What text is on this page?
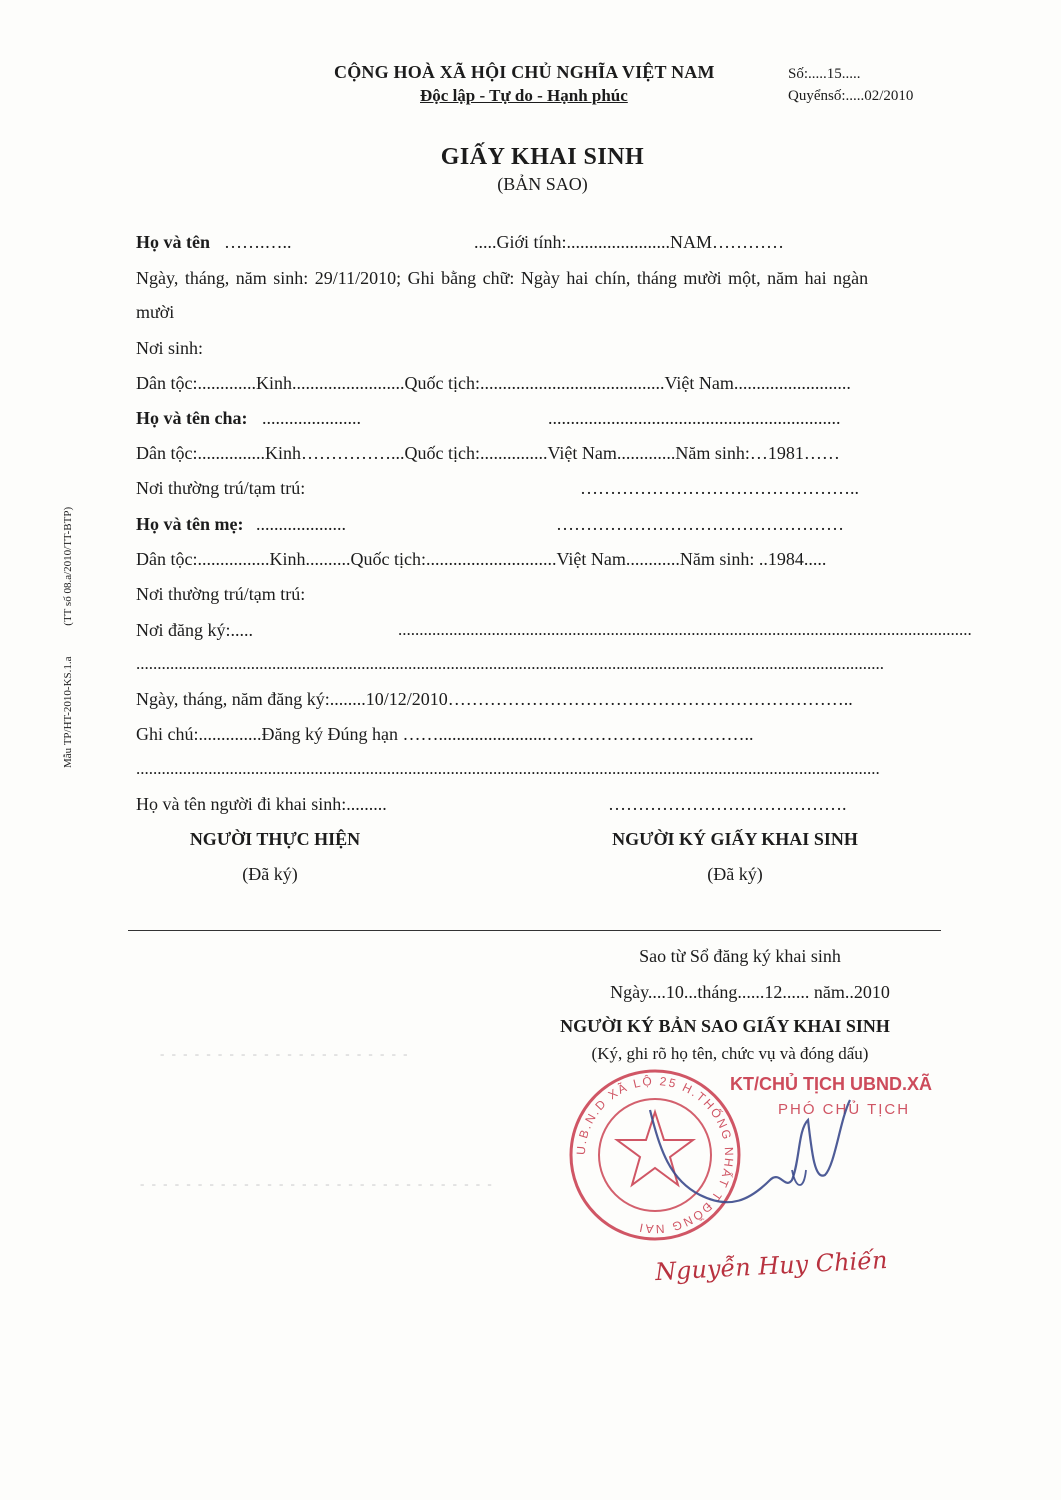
CỘNG HOÀ XÃ HỘI CHỦ NGHĨA VIỆT NAM
Độc lập - Tự do - Hạnh phúc
Số:.....15.....
Quyểnsố:.....02/2010
GIẤY KHAI SINH
(BẢN SAO)
Mẫu TP/HT-2010-KS.1.a (TT số 08.a/2010/TT-BTP)
Họ và tên …….…..	.....Giới tính:.......................NAM…………
Ngày, tháng, năm sinh: 29/11/2010; Ghi bằng chữ: Ngày hai chín, tháng mười một, năm hai ngàn
mười
Nơi sinh:
Dân tộc:.............Kinh.........................Quốc tịch:.........................................Việt Nam..........................
Họ và tên cha: ......................	.................................................................
Dân tộc:...............Kinh……………...Quốc tịch:...............Việt Nam.............Năm sinh:…1981……
Nơi thường trú/tạm trú:	………………………………………..
Họ và tên mẹ: ....................	…………………………………………
Dân tộc:................Kinh..........Quốc tịch:.............................Việt Nam............Năm sinh: ..1984.....
Nơi thường trú/tạm trú:
Nơi đăng ký:.....	.......................................................................................................................................
................................................................................................................................................................................
Ngày, tháng, năm đăng ký:........10/12/2010…………………………………………………………..
Ghi chú:..............Đăng ký Đúng hạn ……........................……………………………..
...............................................................................................................................................................................
Họ và tên người đi khai sinh:.........	………………………………….
NGƯỜI THỰC HIỆN
(Đã ký)
NGƯỜI KÝ GIẤY KHAI SINH
(Đã ký)
Sao từ Sổ đăng ký khai sinh
Ngày....10...tháng......12...... năm..2010
NGƯỜI KÝ BẢN SAO GIẤY KHAI SINH
(Ký, ghi rõ họ tên, chức vụ và đóng dấu)
- - - - - - - - - - - - - - - - - - - - - -
- - - - - - - - - - - - - - - - - - - - - - - - - - - - - - -
U.B.N.D XÃ LỘ 25 H.THỐNG NHẤT T.ĐỒNG NAI
KT/CHỦ TỊCH UBND.XÃ
PHÓ CHỦ TỊCH
Nguyễn Huy Chiến
